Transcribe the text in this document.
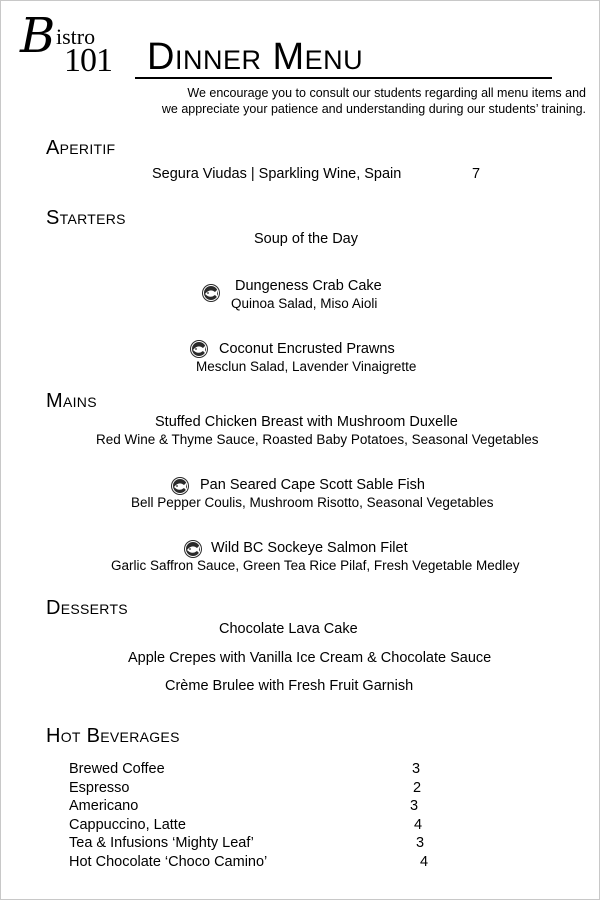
B istro
101 Dinner Menu
We encourage you to consult our students regarding all menu items and
we appreciate your patience and understanding during our students’ training.
Aperitif
Segura Viudas | Sparkling Wine, Spain	7
Starters
Soup of the Day
Dungeness Crab Cake
Quinoa Salad, Miso Aioli
Coconut Encrusted Prawns
Mesclun Salad, Lavender Vinaigrette
Mains
Stuffed Chicken Breast with Mushroom Duxelle
Red Wine & Thyme Sauce, Roasted Baby Potatoes, Seasonal Vegetables
Pan Seared Cape Scott Sable Fish
Bell Pepper Coulis, Mushroom Risotto, Seasonal Vegetables
Wild BC Sockeye Salmon Filet
Garlic Saffron Sauce, Green Tea Rice Pilaf, Fresh Vegetable Medley
Desserts
Chocolate Lava Cake
Apple Crepes with Vanilla Ice Cream & Chocolate Sauce
Crème Brulee with Fresh Fruit Garnish
Hot Beverages
Brewed Coffee	3
Espresso	2
Americano	3
Cappuccino, Latte	4
Tea & Infusions ‘Mighty Leaf’	3
Hot Chocolate ‘Choco Camino’	4
